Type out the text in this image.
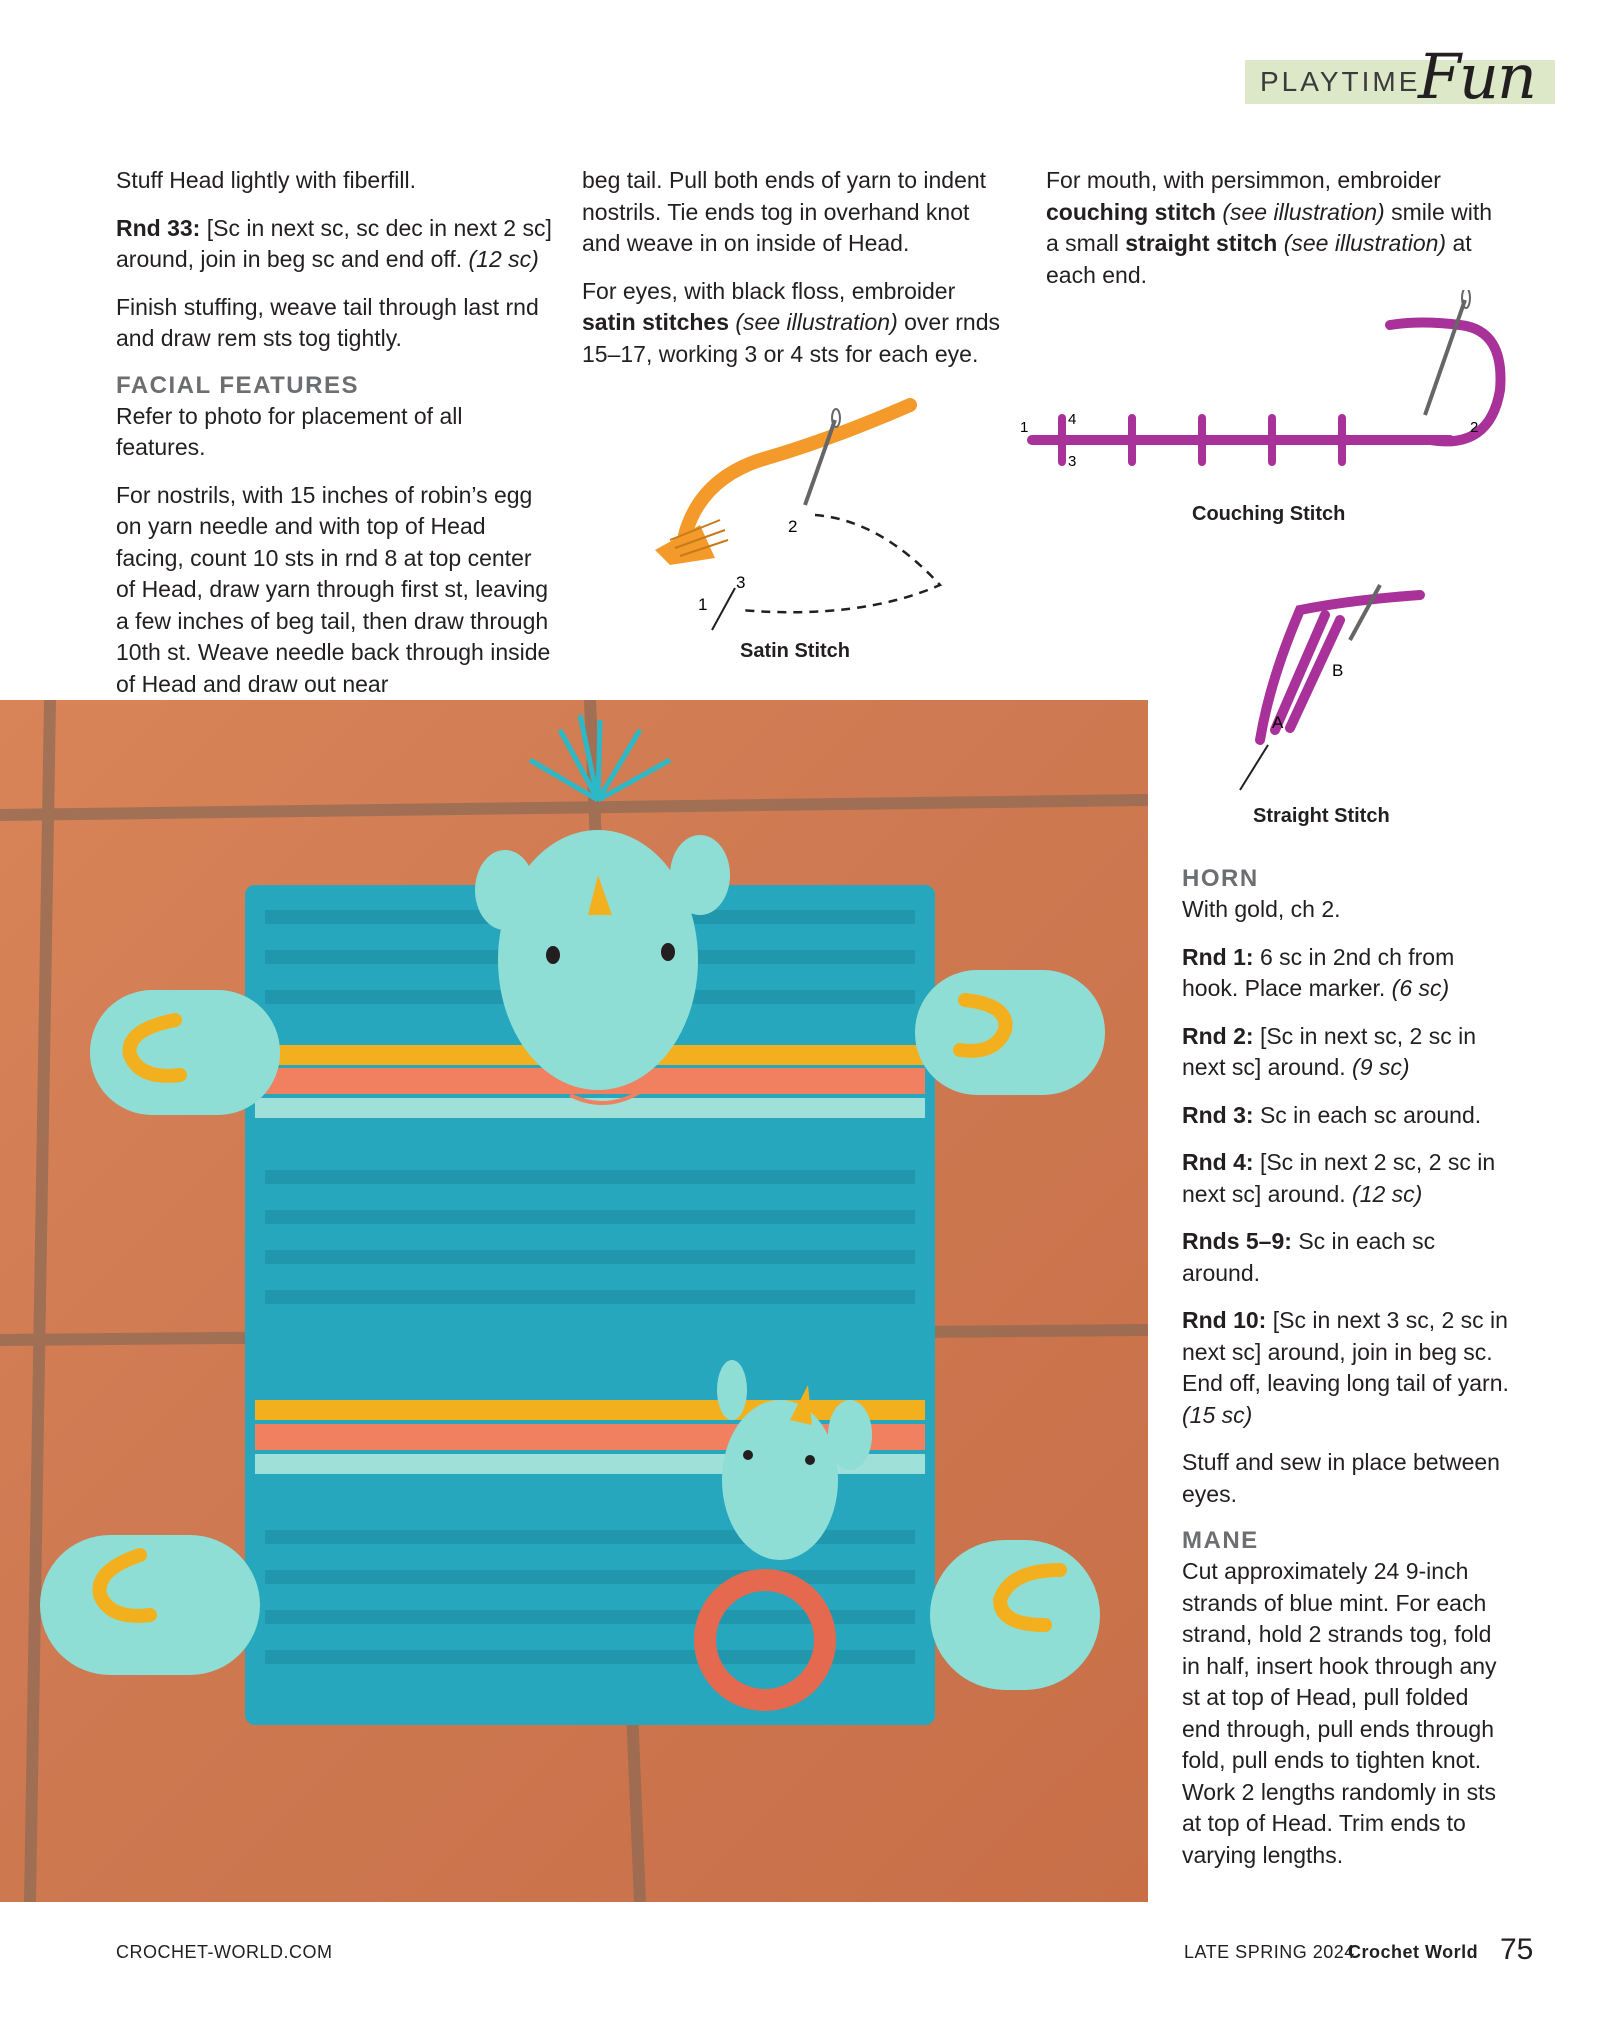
PLAYTIME
Fun

Stuff Head lightly with fiberfill.

Rnd 33: [Sc in next sc, sc dec in next 2 sc] around, join in beg sc and end off. (12 sc)

Finish stuffing, weave tail through last rnd and draw rem sts tog tightly.

FACIAL FEATURES

Refer to photo for placement of all features.

For nostrils, with 15 inches of robin’s egg on yarn needle and with top of Head facing, count 10 sts in rnd 8 at top center of Head, draw yarn through first st, leaving a few inches of beg tail, then draw through 10th st. Weave needle back through inside of Head and draw out near

beg tail. Pull both ends of yarn to indent nostrils. Tie ends tog in overhand knot and weave in on inside of Head.

For eyes, with black floss, embroider satin stitches (see illustration) over rnds 15–17, working 3 or 4 sts for each eye.

For mouth, with persimmon, embroider couching stitch (see illustration) smile with a small straight stitch (see illustration) at each end.

1
2
3
Satin Stitch
1	2
3
4
Couching Stitch
A
B
Straight Stitch
HORN

With gold, ch 2.

Rnd 1: 6 sc in 2nd ch from hook. Place marker. (6 sc)

Rnd 2: [Sc in next sc, 2 sc in next sc] around. (9 sc)

Rnd 3: Sc in each sc around.

Rnd 4: [Sc in next 2 sc, 2 sc in next sc] around. (12 sc)

Rnds 5–9: Sc in each sc around.

Rnd 10: [Sc in next 3 sc, 2 sc in next sc] around, join in beg sc. End off, leaving long tail of yarn. (15 sc)

Stuff and sew in place between eyes.

MANE

Cut approximately 24 9-inch strands of blue mint. For each strand, hold 2 strands tog, fold in half, insert hook through any st at top of Head, pull folded end through, pull ends through fold, pull ends to tighten knot. Work 2 lengths randomly in sts at top of Head. Trim ends to varying lengths.

CROCHET-WORLD.COM	LATE SPRING 2024
Crochet World 75
